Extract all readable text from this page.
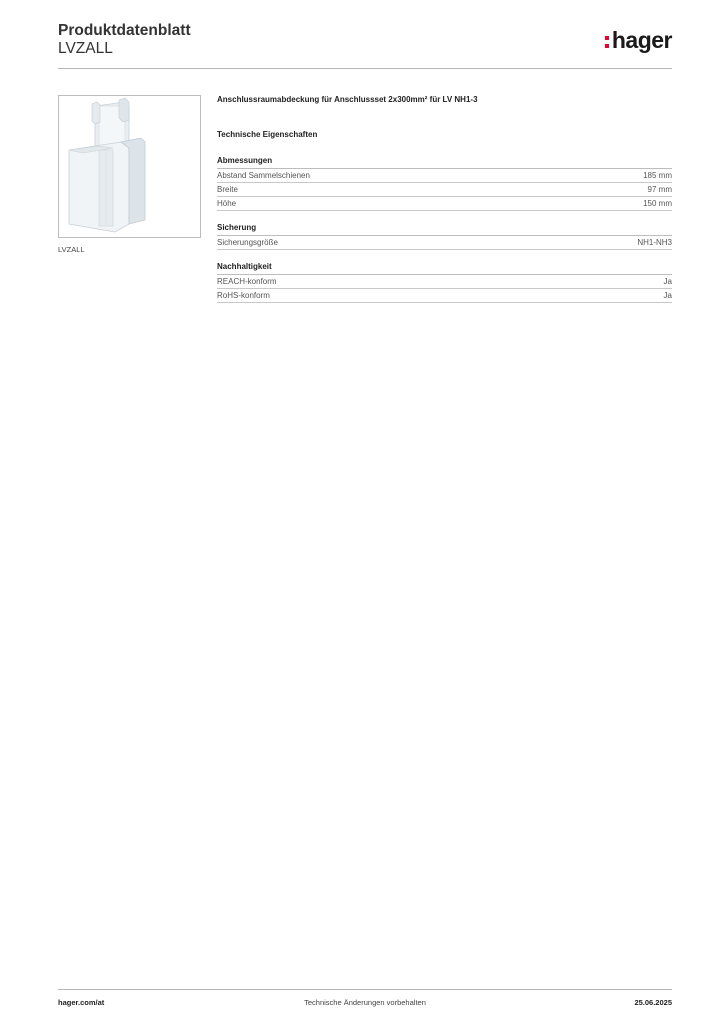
Produktdatenblatt
LVZALL	hager
LVZALL
Anschlussraumabdeckung für Anschlussset 2x300mm² für LV NH1-3
Technische Eigenschaften
Abmessungen
Abstand Sammelschienen	185 mm
Breite	97 mm
Höhe	150 mm
Sicherung
Sicherungsgröße	NH1-NH3
Nachhaltigkeit
REACH-konform	Ja
RoHS-konform	Ja
hager.com/at	Technische Änderungen vorbehalten	25.06.2025
